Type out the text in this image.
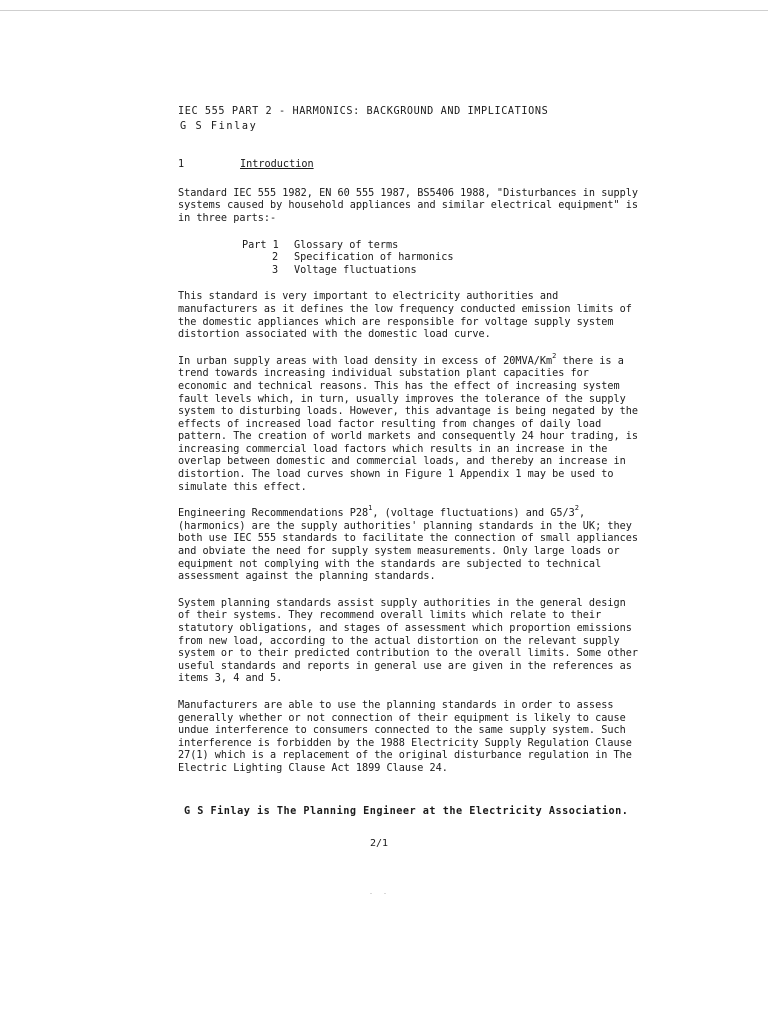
IEC 555 PART 2 - HARMONICS: BACKGROUND AND IMPLICATIONS
G S Finlay
1	Introduction

Standard IEC 555 1982, EN 60 555 1987, BS5406 1988, "Disturbances in supply systems caused by household appliances and similar electrical equipment" is in three parts:-

Part 1	Glossary of terms
2	Specification of harmonics
3	Voltage fluctuations

This standard is very important to electricity authorities and manufacturers as it defines the low frequency conducted emission limits of the domestic appliances which are responsible for voltage supply system distortion associated with the domestic load curve.

In urban supply areas with load density in excess of 20MVA/Km$^2$ there is a trend towards increasing individual substation plant capacities for economic and technical reasons. This has the effect of increasing system fault levels which, in turn, usually improves the tolerance of the supply system to disturbing loads. However, this advantage is being negated by the effects of increased load factor resulting from changes of daily load pattern. The creation of world markets and consequently 24 hour trading, is increasing commercial load factors which results in an increase in the overlap between domestic and commercial loads, and thereby an increase in distortion. The load curves shown in Figure 1 Appendix 1 may be used to simulate this effect.

Engineering Recommendations $P28^1$, (voltage fluctuations) and $G5/3^2$, (harmonics) are the supply authorities' planning standards in the UK; they both use IEC 555 standards to facilitate the connection of small appliances and obviate the need for supply system measurements. Only large loads or equipment not complying with the standards are subjected to technical assessment against the planning standards.

System planning standards assist supply authorities in the general design of their systems. They recommend overall limits which relate to their statutory obligations, and stages of assessment which proportion emissions from new load, according to the actual distortion on the relevant supply system or to their predicted contribution to the overall limits. Some other useful standards and reports in general use are given in the references as items 3, 4 and 5.

Manufacturers are able to use the planning standards in order to assess generally whether or not connection of their equipment is likely to cause undue interference to consumers connected to the same supply system. Such interference is forbidden by the 1988 Electricity Supply Regulation Clause 27(1) which is a replacement of the original disturbance regulation in The Electric Lighting Clause Act 1899 Clause 24.

G S Finlay is The Planning Engineer at the Electricity Association.
2/1
